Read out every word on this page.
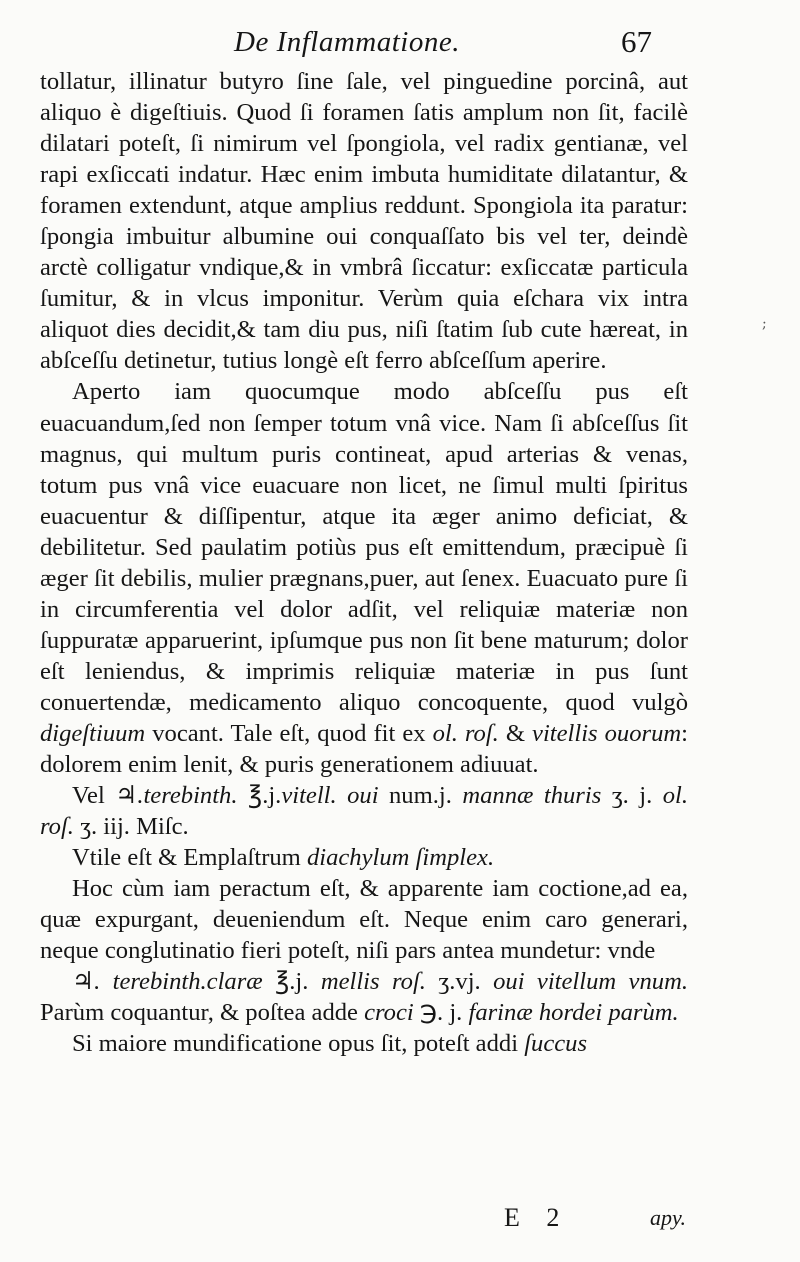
De Inflammatione.	67

tollatur, illinatur butyro ſine ſale, vel pinguedine porcinâ, aut aliquo è digeſtiuis. Quod ſi foramen ſatis amplum non ſit, facilè dilatari poteſt, ſi nimirum vel ſpongiola, vel radix gentianæ, vel rapi exſiccati indatur. Hæc enim imbuta humiditate dilatantur, & foramen extendunt, atque amplius reddunt. Spongiola ita paratur: ſpongia imbuitur albumine oui conquaſſato bis vel ter, deindè arctè colligatur vndique,& in vmbrâ ſiccatur: exſiccatæ particula ſumitur, & in vlcus imponitur. Verùm quia eſchara vix intra aliquot dies decidit,& tam diu pus, niſi ſtatim ſub cute hæreat, in abſceſſu detinetur, tutius longè eſt ferro abſceſſum aperire.

Aperto iam quocumque modo abſceſſu pus eſt euacuandum,ſed non ſemper totum vnâ vice. Nam ſi abſceſſus ſit magnus, qui multum puris contineat, apud arterias & venas, totum pus vnâ vice euacuare non licet, ne ſimul multi ſpiritus euacuentur & diſſipentur, atque ita æger animo deficiat, & debilitetur. Sed paulatim potiùs pus eſt emittendum, præcipuè ſi æger ſit debilis, mulier prægnans,puer, aut ſenex. Euacuato pure ſi in circumferentia vel dolor adſit, vel reliquiæ materiæ non ſuppuratæ apparuerint, ipſumque pus non ſit bene maturum; dolor eſt leniendus, & imprimis reliquiæ materiæ in pus ſunt conuertendæ, medicamento aliquo concoquente, quod vulgò digeſtiuum vocant. Tale eſt, quod fit ex ol. roſ. & vitellis ouorum: dolorem enim lenit, & puris generationem adiuuat.

Vel ♃.terebinth. ℥.j.vitell. oui num.j. mannæ thuris ʒ. j. ol. roſ. ʒ. iij. Miſc.

Vtile eſt & Emplaſtrum diachylum ſimplex.

Hoc cùm iam peractum eſt, & apparente iam coctione,ad ea, quæ expurgant, deueniendum eſt. Neque enim caro generari, neque conglutinatio fieri poteſt, niſi pars antea mundetur: vnde

♃. terebinth.claræ ℥.j. mellis roſ. ʒ.vj. oui vitellum vnum. Parùm coquantur, & poſtea adde croci ℈. j. farinæ hordei parùm.

Si maiore mundificatione opus ſit, poteſt addi ſuccus

;
E 2	apy.
